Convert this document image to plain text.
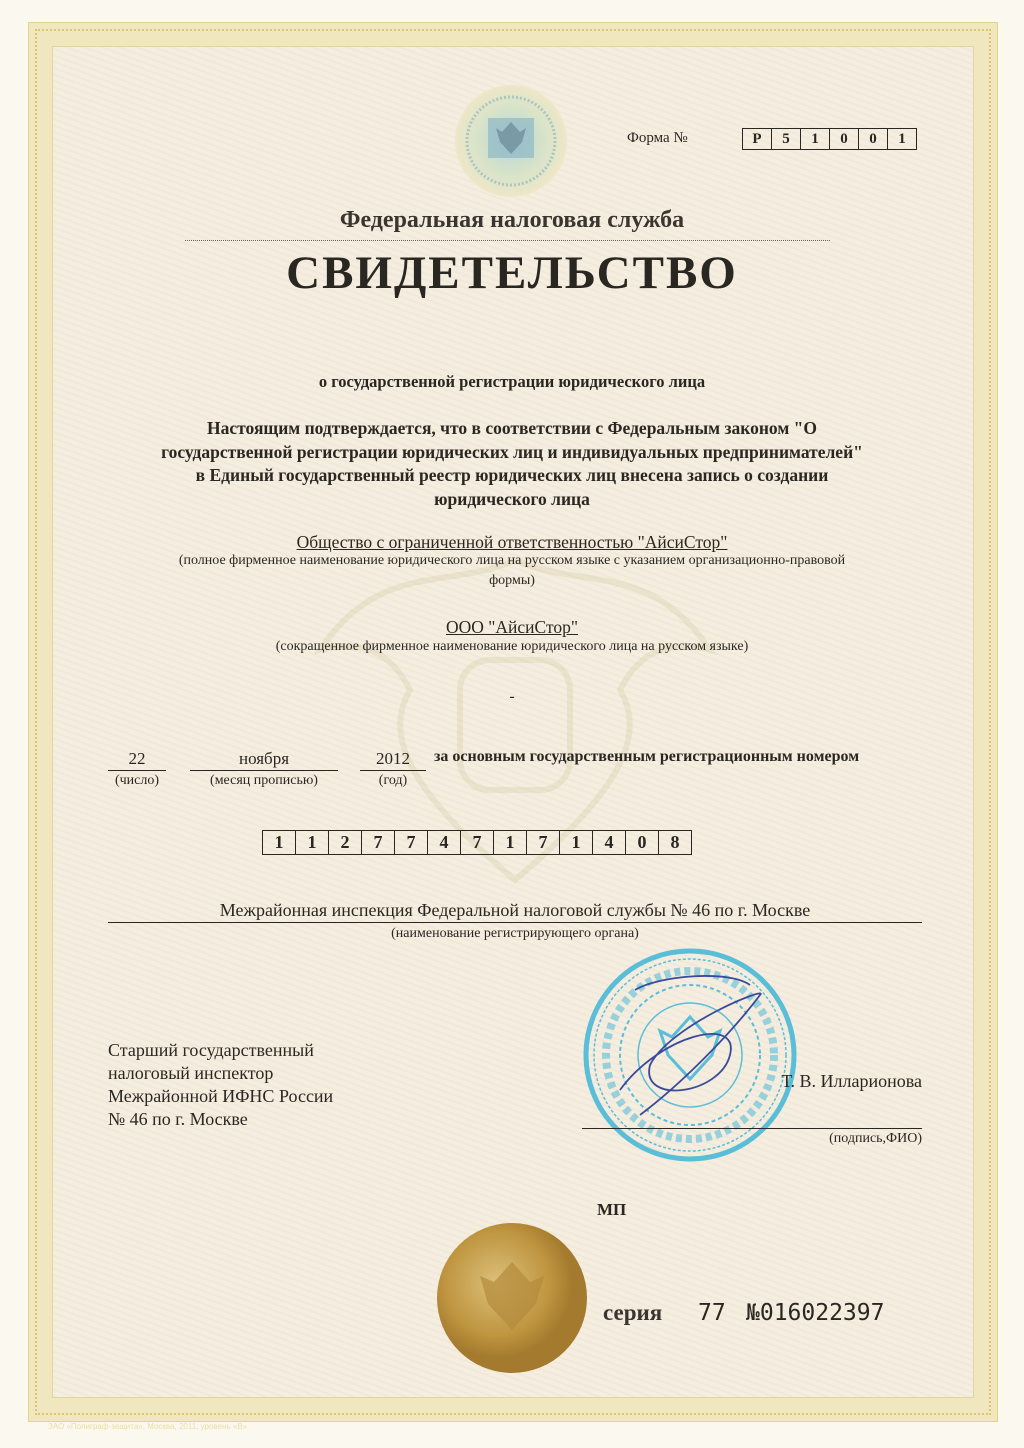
Форма №	Р	5	1	0	0	1
Федеральная налоговая служба
СВИДЕТЕЛЬСТВО
о государственной регистрации юридического лица
Настоящим подтверждается, что в соответствии с Федеральным законом "О
государственной регистрации юридических лиц и индивидуальных предпринимателей"
в Единый государственный реестр юридических лиц внесена запись о создании
юридического лица
Общество с ограниченной ответственностью "АйсиСтор"
(полное фирменное наименование юридического лица на русском языке с указанием организационно-правовой
формы)
ООО "АйсиСтор"
(сокращенное фирменное наименование юридического лица на русском языке)
-
22
(число)
ноября
(месяц прописью)
2012
(год)
за основным государственным регистрационным номером
1	1	2	7	7	4	7	1	7	1	4	0	8
Межрайонная инспекция Федеральной налоговой службы № 46 по г. Москве
(наименование регистрирующего органа)
Старший государственный
налоговый инспектор
Межрайонной ИФНС России
№ 46 по г. Москве
Т. В. Илларионова
(подпись,ФИО)
МП
серия 77 №016022397
ЗАО «Полиграф-защита», Москва, 2011, уровень «В»
